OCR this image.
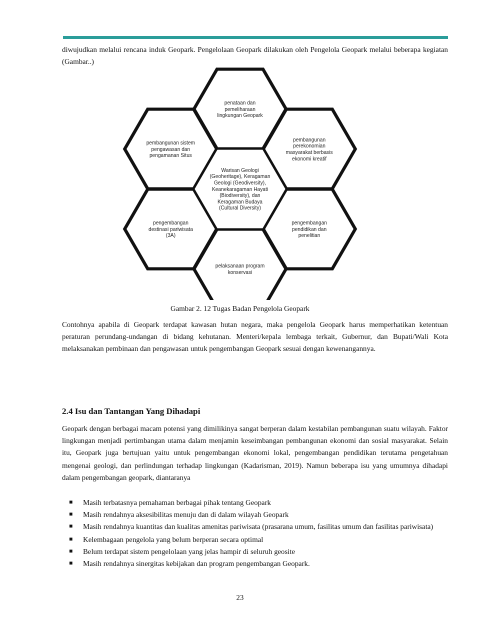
diwujudkan melalui rencana induk Geopark. Pengelolaan Geopark dilakukan oleh Pengelola Geopark melalui beberapa kegiatan (Gambar..)

penataan dan
pemeliharaan
lingkungan Geopark
pembangunan
perekonomian
masyarakat berbasis
ekonomi kreatif
pengembangan
pendidikan dan
penelitian
pelaksanaan program
konservasi
pengembangan
destinasi pariwisata
(3A)
pembangunan sistem
pengawasan dan
pengamanan Situs
Warisan Geologi
(Geoheritage), Keragaman
Geologi (Geodiversity),
Keanekaragaman Hayati
(Biodiversity), dan
Keragaman Budaya
(Cultural Diversity)

Gambar 2. 12 Tugas Badan Pengelola Geopark

Contohnya apabila di Geopark terdapat kawasan hutan negara, maka pengelola Geopark harus memperhatikan ketentuan peraturan perundang-undangan di bidang kehutanan. Menteri/kepala lembaga terkait, Gubernur, dan Bupati/Wali Kota melaksanakan pembinaan dan pengawasan untuk pengembangan Geopark sesuai dengan kewenangannya.

2.4 Isu dan Tantangan Yang Dihadapi

Geopark dengan berbagai macam potensi yang dimilikinya sangat berperan dalam kestabilan pembangunan suatu wilayah. Faktor lingkungan menjadi pertimbangan utama dalam menjamin keseimbangan pembangunan ekonomi dan sosial masyarakat. Selain itu, Geopark juga bertujuan yaitu untuk pengembangan ekonomi lokal, pengembangan pendidikan terutama pengetahuan mengenai geologi, dan perlindungan terhadap lingkungan (Kadarisman, 2019). Namun beberapa isu yang umumnya dihadapi dalam pengembangan geopark, diantaranya

■ Masih terbatasnya pemahaman berbagai pihak tentang Geopark
■ Masih rendahnya aksesibilitas menuju dan di dalam wilayah Geopark
■ Masih rendahnya kuantitas dan kualitas amenitas pariwisata (prasarana umum, fasilitas umum dan fasilitas pariwisata)
■ Kelembagaan pengelola yang belum berperan secara optimal
■ Belum terdapat sistem pengelolaan yang jelas hampir di seluruh geosite
■ Masih rendahnya sinergitas kebijakan dan program pengembangan Geopark.

23
